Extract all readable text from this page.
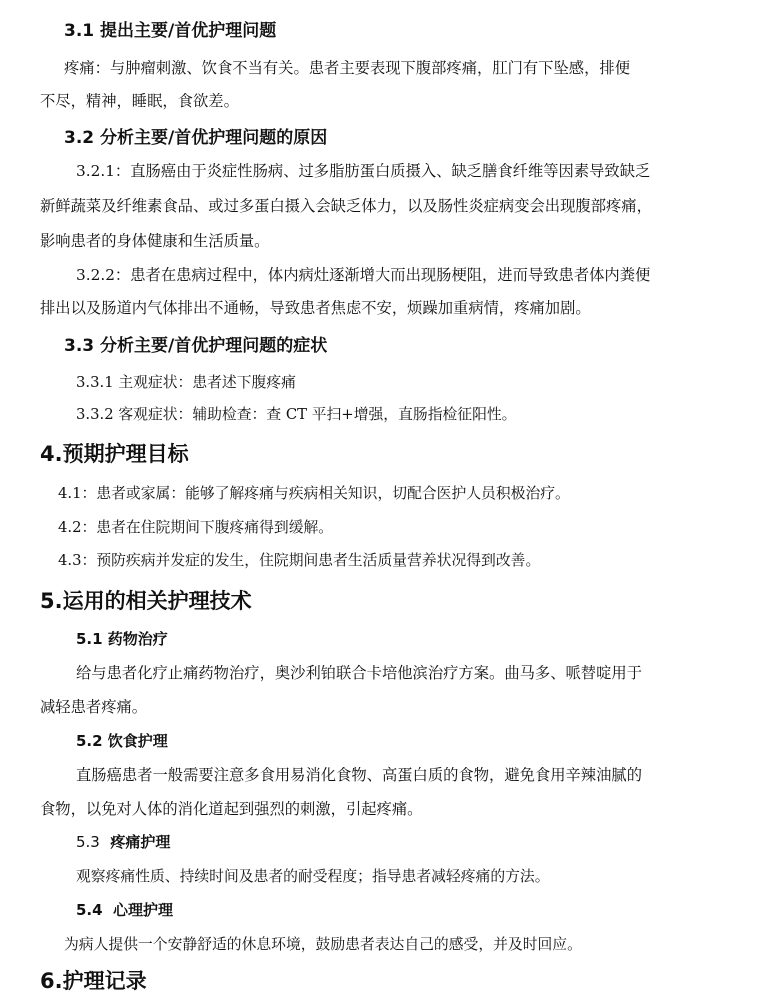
3.1 提出主要/首优护理问题
疼痛：与肿瘤刺激、饮食不当有关。患者主要表现下腹部疼痛，肛门有下坠感，排便
不尽，精神，睡眠，食欲差。
3.2 分析主要/首优护理问题的原因
3.2.1：直肠癌由于炎症性肠病、过多脂肪蛋白质摄入、缺乏膳食纤维等因素导致缺乏
新鲜蔬菜及纤维素食品、或过多蛋白摄入会缺乏体力，以及肠性炎症病变会出现腹部疼痛，
影响患者的身体健康和生活质量。
3.2.2：患者在患病过程中，体内病灶逐渐增大而出现肠梗阻，进而导致患者体内粪便
排出以及肠道内气体排出不通畅，导致患者焦虑不安，烦躁加重病情，疼痛加剧。
3.3 分析主要/首优护理问题的症状
3.3.1 主观症状：患者述下腹疼痛
3.3.2 客观症状：辅助检查：查 CT 平扫+增强，直肠指检征阳性。
4.预期护理目标
4.1：患者或家属：能够了解疼痛与疾病相关知识，切配合医护人员积极治疗。
4.2：患者在住院期间下腹疼痛得到缓解。
4.3：预防疾病并发症的发生，住院期间患者生活质量营养状况得到改善。
5.运用的相关护理技术
5.1 药物治疗
给与患者化疗止痛药物治疗，奥沙利铂联合卡培他滨治疗方案。曲马多、哌替啶用于
减轻患者疼痛。
5.2 饮食护理
直肠癌患者一般需要注意多食用易消化食物、高蛋白质的食物，避免食用辛辣油腻的
食物，以免对人体的消化道起到强烈的刺激，引起疼痛。
5.3 疼痛护理
观察疼痛性质、持续时间及患者的耐受程度；指导患者减轻疼痛的方法。
5.4 心理护理
为病人提供一个安静舒适的休息环境，鼓励患者表达自己的感受，并及时回应。
6.护理记录
